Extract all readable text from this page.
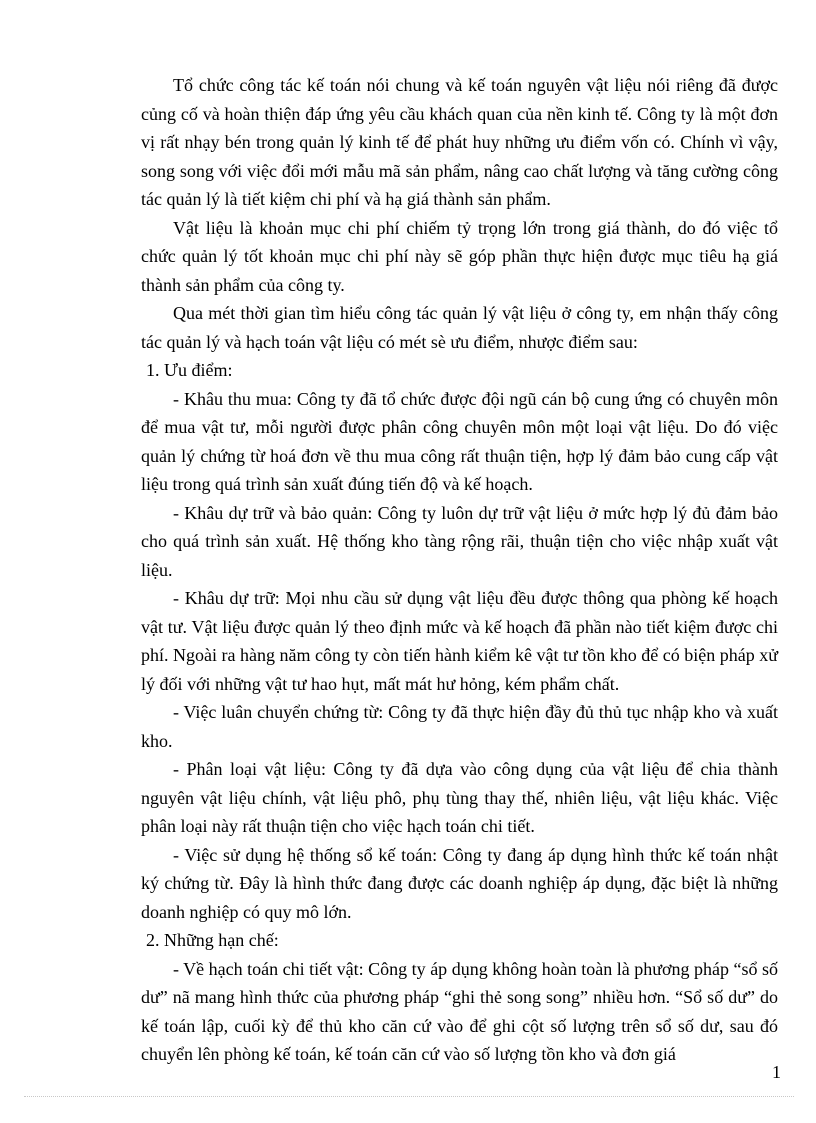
Tổ chức công tác kế toán nói chung và kế toán nguyên vật liệu nói riêng đã được củng cố và hoàn thiện đáp ứng yêu cầu khách quan của nền kinh tế. Công ty là một đơn vị rất nhạy bén trong quản lý kinh tế để phát huy những ưu điểm vốn có. Chính vì vậy, song song với việc đổi mới mẫu mã sản phẩm, nâng cao chất lượng và tăng cường công tác quản lý là tiết kiệm chi phí và hạ giá thành sản phẩm.

Vật liệu là khoản mục chi phí chiếm tỷ trọng lớn trong giá thành, do đó việc tổ chức quản lý tốt khoản mục chi phí này sẽ góp phần thực hiện được mục tiêu hạ giá thành sản phẩm của công ty.

Qua mét thời gian tìm hiểu công tác quản lý vật liệu ở công ty, em nhận thấy công tác quản lý và hạch toán vật liệu có mét sè ưu điểm, nhược điểm sau:

1. Ưu điểm:

- Khâu thu mua: Công ty đã tổ chức được đội ngũ cán bộ cung ứng có chuyên môn để mua vật tư, mỗi người được phân công chuyên môn một loại vật liệu. Do đó việc quản lý chứng từ hoá đơn về thu mua công rất thuận tiện, hợp lý đảm bảo cung cấp vật liệu trong quá trình sản xuất đúng tiến độ và kế hoạch.

- Khâu dự trữ và bảo quản: Công ty luôn dự trữ vật liệu ở mức hợp lý đủ đảm bảo cho quá trình sản xuất. Hệ thống kho tàng rộng rãi, thuận tiện cho việc nhập xuất vật liệu.

- Khâu dự trữ: Mọi nhu cầu sử dụng vật liệu đều được thông qua phòng kế hoạch vật tư. Vật liệu được quản lý theo định mức và kế hoạch đã phần nào tiết kiệm được chi phí. Ngoài ra hàng năm công ty còn tiến hành kiểm kê vật tư tồn kho để có biện pháp xử lý đối với những vật tư hao hụt, mất mát hư hỏng, kém phẩm chất.

- Việc luân chuyển chứng từ: Công ty đã thực hiện đầy đủ thủ tục nhập kho và xuất kho.

- Phân loại vật liệu: Công ty đã dựa vào công dụng của vật liệu để chia thành nguyên vật liệu chính, vật liệu phô, phụ tùng thay thế, nhiên liệu, vật liệu khác. Việc phân loại này rất thuận tiện cho việc hạch toán chi tiết.

- Việc sử dụng hệ thống sổ kế toán: Công ty đang áp dụng hình thức kế toán nhật ký chứng từ. Đây là hình thức đang được các doanh nghiệp áp dụng, đặc biệt là những doanh nghiệp có quy mô lớn.

2. Những hạn chế:

- Về hạch toán chi tiết vật: Công ty áp dụng không hoàn toàn là phương pháp “sổ số dư” nã mang hình thức của phương pháp “ghi thẻ song song” nhiều hơn. “Sổ số dư” do kế toán lập, cuối kỳ để thủ kho căn cứ vào để ghi cột số lượng trên sổ số dư, sau đó chuyển lên phòng kế toán, kế toán căn cứ vào số lượng tồn kho và đơn giá

1
